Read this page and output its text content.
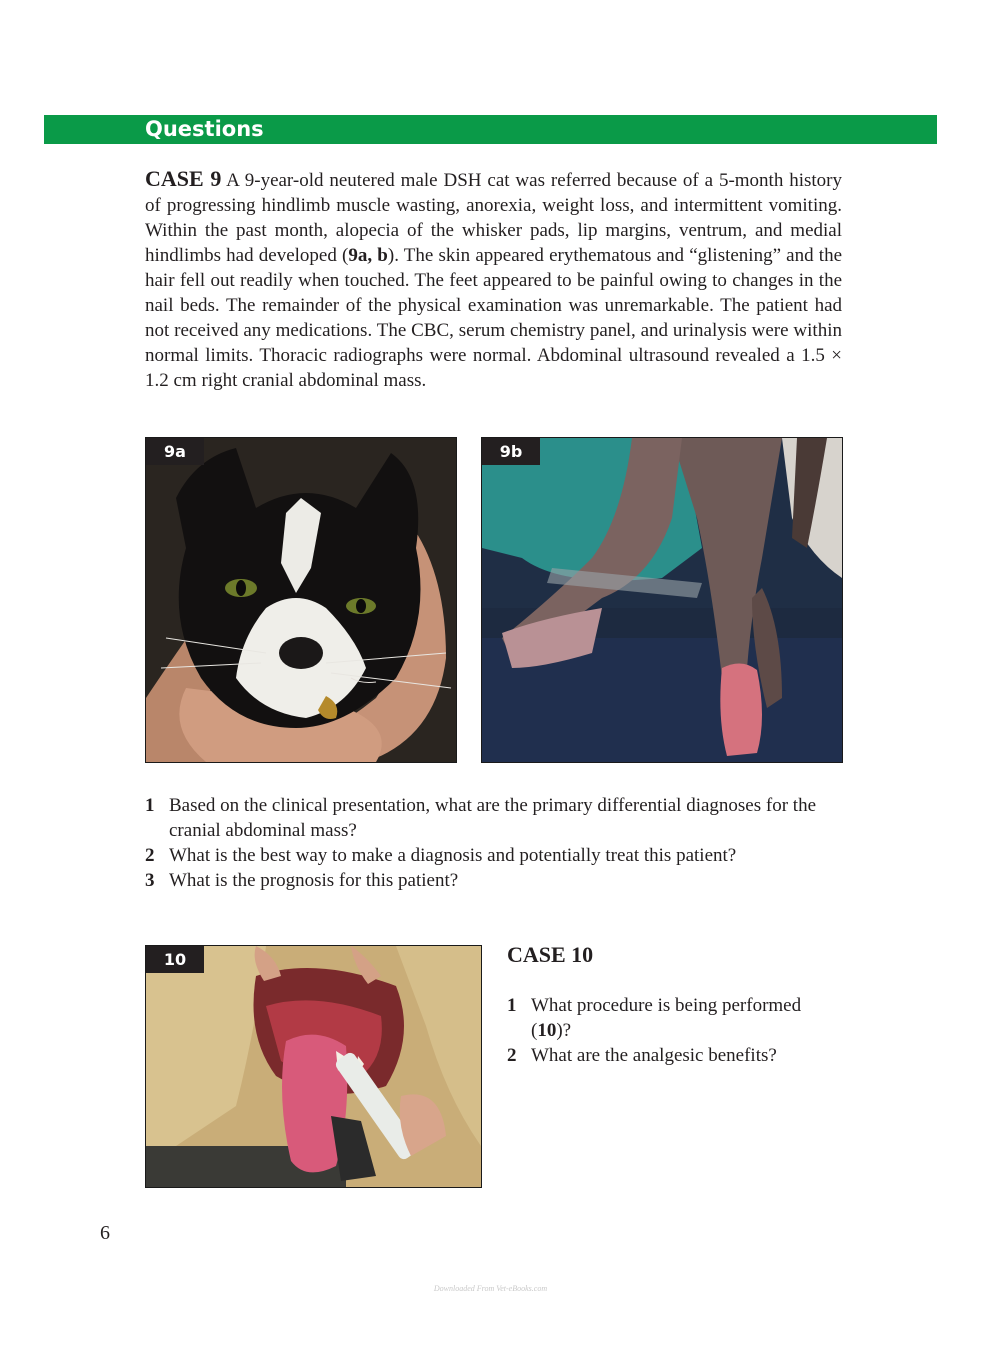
Questions

CASE 9 A 9-year-old neutered male DSH cat was referred because of a 5-month history of progressing hindlimb muscle wasting, anorexia, weight loss, and intermittent vomiting. Within the past month, alopecia of the whisker pads, lip margins, ventrum, and medial hindlimbs had developed (9a, b). The skin appeared erythematous and “glistening” and the hair fell out readily when touched. The feet appeared to be painful owing to changes in the nail beds. The remainder of the physical examination was unremarkable. The patient had not received any medications. The CBC, serum chemistry panel, and urinalysis were within normal limits. Thoracic radiographs were normal. Abdominal ultrasound revealed a 1.5 × 1.2 cm right cranial abdominal mass.

9a	9b
1 Based on the clinical presentation, what are the primary differential diagnoses for the cranial abdominal mass?
2 What is the best way to make a diagnosis and potentially treat this patient?
3 What is the prognosis for this patient?
10	CASE 10
1 What procedure is being performed (10)?
2 What are the analgesic benefits?
6
Downloaded From Vet-eBooks.com
